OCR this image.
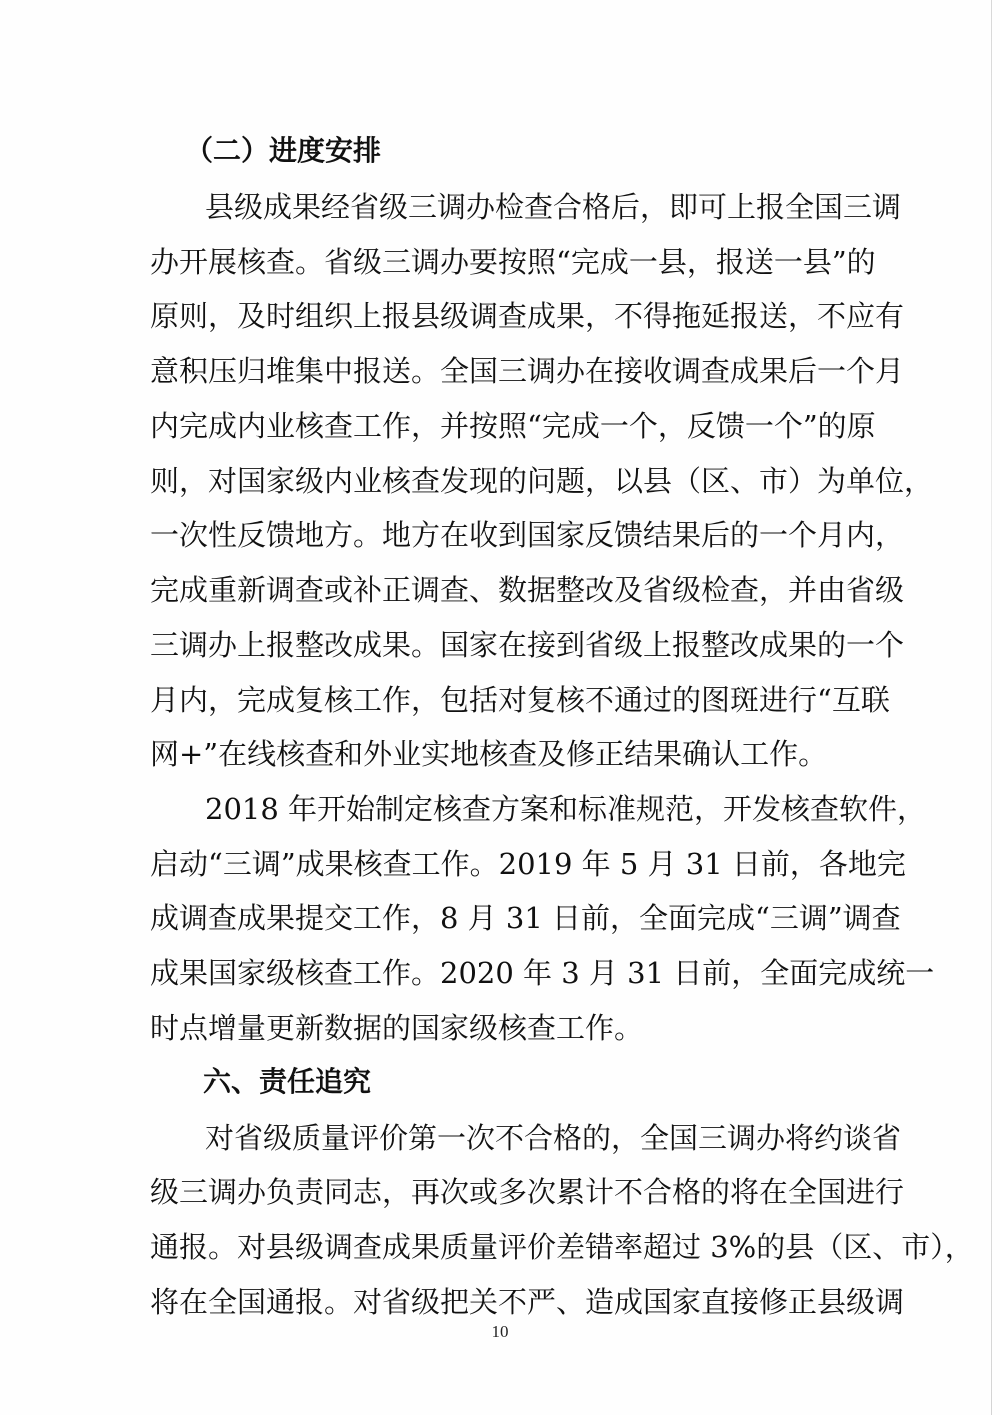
（二）进度安排
县级成果经省级三调办检查合格后，即可上报全国三调
办开展核查。省级三调办要按照“完成一县，报送一县”的
原则，及时组织上报县级调查成果，不得拖延报送，不应有
意积压归堆集中报送。全国三调办在接收调查成果后一个月
内完成内业核查工作，并按照“完成一个，反馈一个”的原
则，对国家级内业核查发现的问题，以县（区、市）为单位，
一次性反馈地方。地方在收到国家反馈结果后的一个月内，
完成重新调查或补正调查、数据整改及省级检查，并由省级
三调办上报整改成果。国家在接到省级上报整改成果的一个
月内，完成复核工作，包括对复核不通过的图斑进行“互联
网+”在线核查和外业实地核查及修正结果确认工作。
2018 年开始制定核查方案和标准规范，开发核查软件，
启动“三调”成果核查工作。2019 年 5 月 31 日前，各地完
成调查成果提交工作，8 月 31 日前，全面完成“三调”调查
成果国家级核查工作。2020 年 3 月 31 日前，全面完成统一
时点增量更新数据的国家级核查工作。
六、责任追究
对省级质量评价第一次不合格的，全国三调办将约谈省
级三调办负责同志，再次或多次累计不合格的将在全国进行
通报。对县级调查成果质量评价差错率超过 3%的县（区、市），
将在全国通报。对省级把关不严、造成国家直接修正县级调
10
